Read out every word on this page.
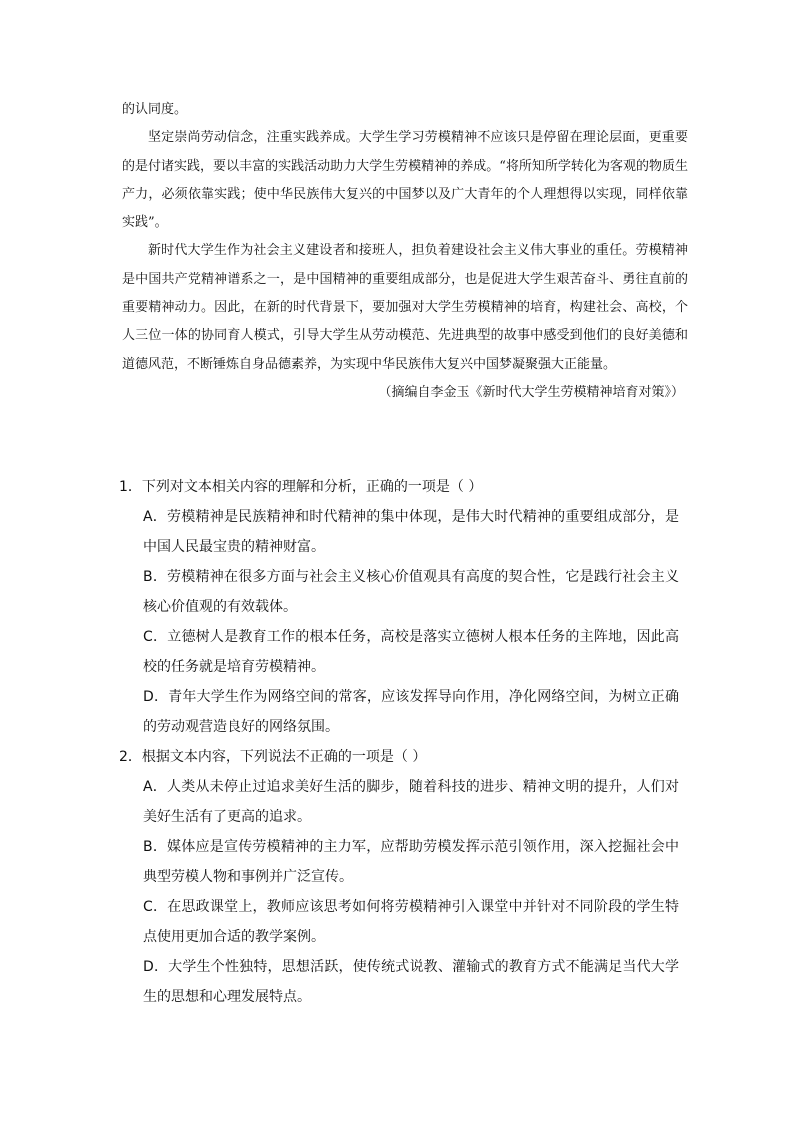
的认同度。

坚定崇尚劳动信念，注重实践养成。大学生学习劳模精神不应该只是停留在理论层面，更重要的是付诸实践，要以丰富的实践活动助力大学生劳模精神的养成。“将所知所学转化为客观的物质生产力，必须依靠实践；使中华民族伟大复兴的中国梦以及广大青年的个人理想得以实现，同样依靠实践”。

新时代大学生作为社会主义建设者和接班人，担负着建设社会主义伟大事业的重任。劳模精神是中国共产党精神谱系之一，是中国精神的重要组成部分，也是促进大学生艰苦奋斗、勇往直前的重要精神动力。因此，在新的时代背景下，要加强对大学生劳模精神的培育，构建社会、高校，个人三位一体的协同育人模式，引导大学生从劳动模范、先进典型的故事中感受到他们的良好美德和道德风范，不断锤炼自身品德素养，为实现中华民族伟大复兴中国梦凝聚强大正能量。

（摘编自李金玉《新时代大学生劳模精神培育对策》）

1．下列对文本相关内容的理解和分析，正确的一项是（ ）

A．劳模精神是民族精神和时代精神的集中体现，是伟大时代精神的重要组成部分，是中国人民最宝贵的精神财富。

B．劳模精神在很多方面与社会主义核心价值观具有高度的契合性，它是践行社会主义核心价值观的有效载体。

C．立德树人是教育工作的根本任务，高校是落实立德树人根本任务的主阵地，因此高校的任务就是培育劳模精神。

D．青年大学生作为网络空间的常客，应该发挥导向作用，净化网络空间，为树立正确的劳动观营造良好的网络氛围。

2．根据文本内容，下列说法不正确的一项是（ ）

A．人类从未停止过追求美好生活的脚步，随着科技的进步、精神文明的提升，人们对美好生活有了更高的追求。

B．媒体应是宣传劳模精神的主力军，应帮助劳模发挥示范引领作用，深入挖掘社会中典型劳模人物和事例并广泛宣传。

C．在思政课堂上，教师应该思考如何将劳模精神引入课堂中并针对不同阶段的学生特点使用更加合适的教学案例。

D．大学生个性独特，思想活跃，使传统式说教、灌输式的教育方式不能满足当代大学生的思想和心理发展特点。
